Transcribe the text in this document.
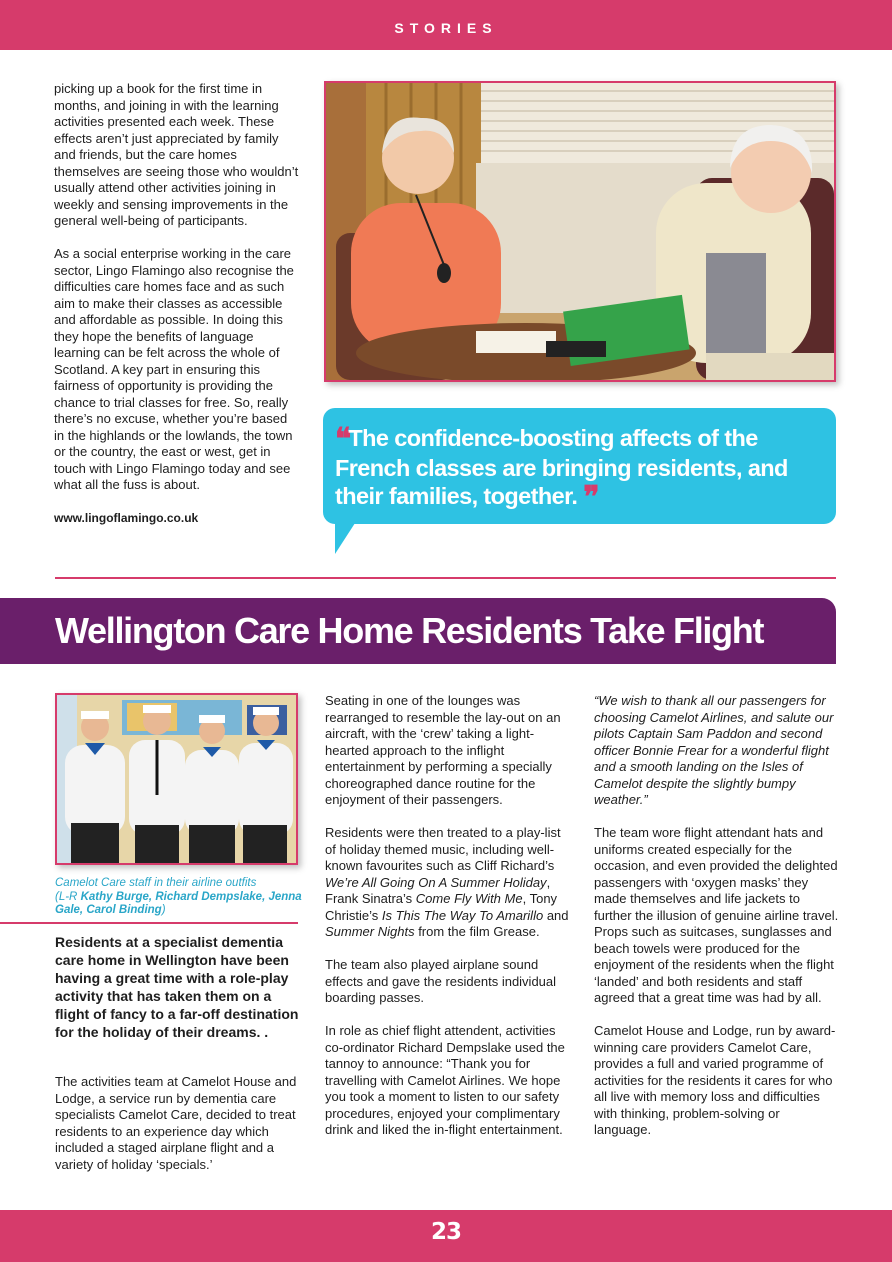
STORIES

picking up a book for the first time in months, and joining in with the learning activities presented each week. These effects aren’t just appreciated by family and friends, but the care homes themselves are seeing those who wouldn’t usually attend other activities joining in weekly and sensing improvements in the general well-being of participants.

As a social enterprise working in the care sector, Lingo Flamingo also recognise the difficulties care homes face and as such aim to make their classes as accessible and affordable as possible. In doing this they hope the benefits of language learning can be felt across the whole of Scotland. A key part in ensuring this fairness of opportunity is providing the chance to trial classes for free. So, really there’s no excuse, whether you’re based in the highlands or the lowlands, the town or the country, the east or west, get in touch with Lingo Flamingo today and see what all the fuss is about.

www.lingoflamingo.co.uk
❛❛The confidence-boosting affects of the French classes are bringing residents, and their families, together. ❜❜
Wellington Care Home Residents Take Flight
Camelot Care staff in their airline outfits
(L-R Kathy Burge, Richard Dempslake, Jenna Gale, Carol Binding)
Residents at a specialist dementia care home in Wellington have been having a great time with a role-play activity that has taken them on a flight of fancy to a far-off destination for the holiday of their dreams. .

The activities team at Camelot House and Lodge, a service run by dementia care specialists Camelot Care, decided to treat residents to an experience day which included a staged airplane flight and a variety of holiday ‘specials.’

Seating in one of the lounges was rearranged to resemble the lay-out on an aircraft, with the ‘crew’ taking a light-hearted approach to the inflight entertainment by performing a specially choreographed dance routine for the enjoyment of their passengers.

Residents were then treated to a play-list of holiday themed music, including well-known favourites such as Cliff Richard’s We’re All Going On A Summer Holiday, Frank Sinatra’s Come Fly With Me, Tony Christie’s Is This The Way To Amarillo and Summer Nights from the film Grease.

The team also played airplane sound effects and gave the residents individual boarding passes.

In role as chief flight attendent, activities co-ordinator Richard Dempslake used the tannoy to announce: “Thank you for travelling with Camelot Airlines. We hope you took a moment to listen to our safety procedures, enjoyed your complimentary drink and liked the in-flight entertainment.

“We wish to thank all our passengers for choosing Camelot Airlines, and salute our pilots Captain Sam Paddon and second officer Bonnie Frear for a wonderful flight and a smooth landing on the Isles of Camelot despite the slightly bumpy weather.”

The team wore flight attendant hats and uniforms created especially for the occasion, and even provided the delighted passengers with ‘oxygen masks’ they made themselves and life jackets to further the illusion of genuine airline travel. Props such as suitcases, sunglasses and beach towels were produced for the enjoyment of the residents when the flight ‘landed’ and both residents and staff agreed that a great time was had by all.

Camelot House and Lodge, run by award-winning care providers Camelot Care, provides a full and varied programme of activities for the residents it cares for who all live with memory loss and difficulties with thinking, problem-solving or language.

23
